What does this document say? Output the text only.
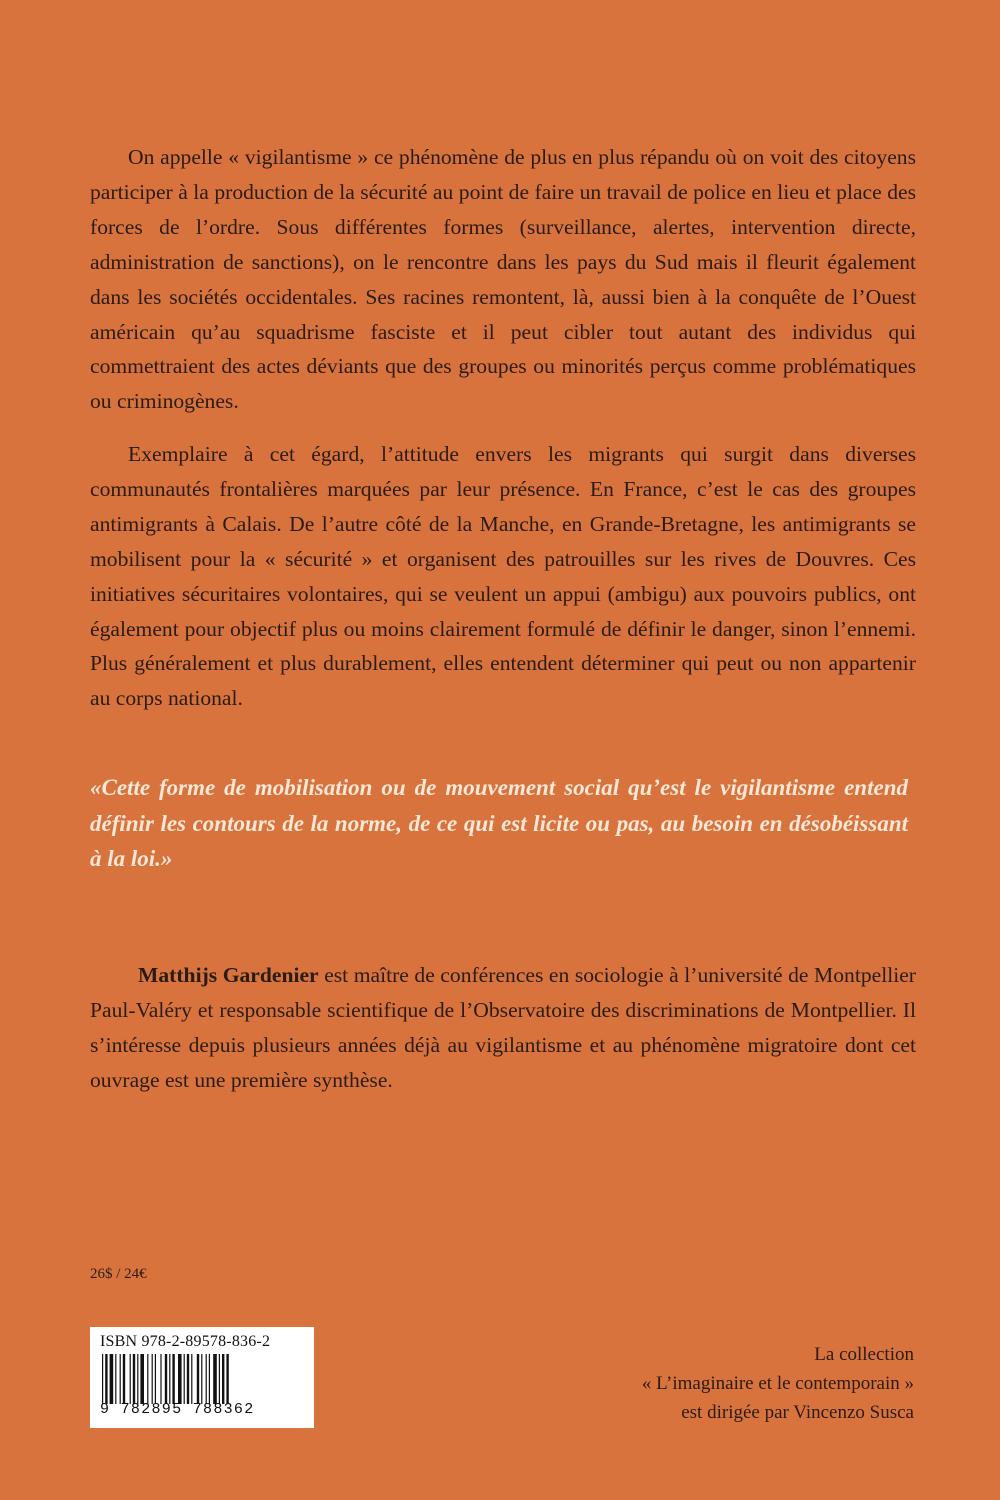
On appelle « vigilantisme » ce phénomène de plus en plus répandu où on voit des citoyens participer à la production de la sécurité au point de faire un travail de police en lieu et place des forces de l’ordre. Sous différentes formes (surveillance, alertes, intervention directe, administration de sanctions), on le rencontre dans les pays du Sud mais il fleurit également dans les sociétés occidentales. Ses racines remontent, là, aussi bien à la conquête de l’Ouest américain qu’au squadrisme fasciste et il peut cibler tout autant des individus qui commettraient des actes déviants que des groupes ou minorités perçus comme problématiques ou criminogènes.

Exemplaire à cet égard, l’attitude envers les migrants qui surgit dans diverses communautés frontalières marquées par leur présence. En France, c’est le cas des groupes antimigrants à Calais. De l’autre côté de la Manche, en Grande-Bretagne, les antimigrants se mobilisent pour la « sécurité » et organisent des patrouilles sur les rives de Douvres. Ces initiatives sécuritaires volontaires, qui se veulent un appui (ambigu) aux pouvoirs publics, ont également pour objectif plus ou moins clairement formulé de définir le danger, sinon l’ennemi. Plus généralement et plus durablement, elles entendent déterminer qui peut ou non appartenir au corps national.

«Cette forme de mobilisation ou de mouvement social qu’est le vigilantisme entend définir les contours de la norme, de ce qui est licite ou pas, au besoin en désobéissant à la loi.»

Matthijs Gardenier est maître de conférences en sociologie à l’université de Montpellier Paul-Valéry et responsable scientifique de l’Observatoire des discriminations de Montpellier. Il s’intéresse depuis plusieurs années déjà au vigilantisme et au phénomène migratoire dont cet ouvrage est une première synthèse.

26$ / 24€
ISBN 978-2-89578-836-2
9 782895 788362
La collection
« L’imaginaire et le contemporain »
est dirigée par Vincenzo Susca
